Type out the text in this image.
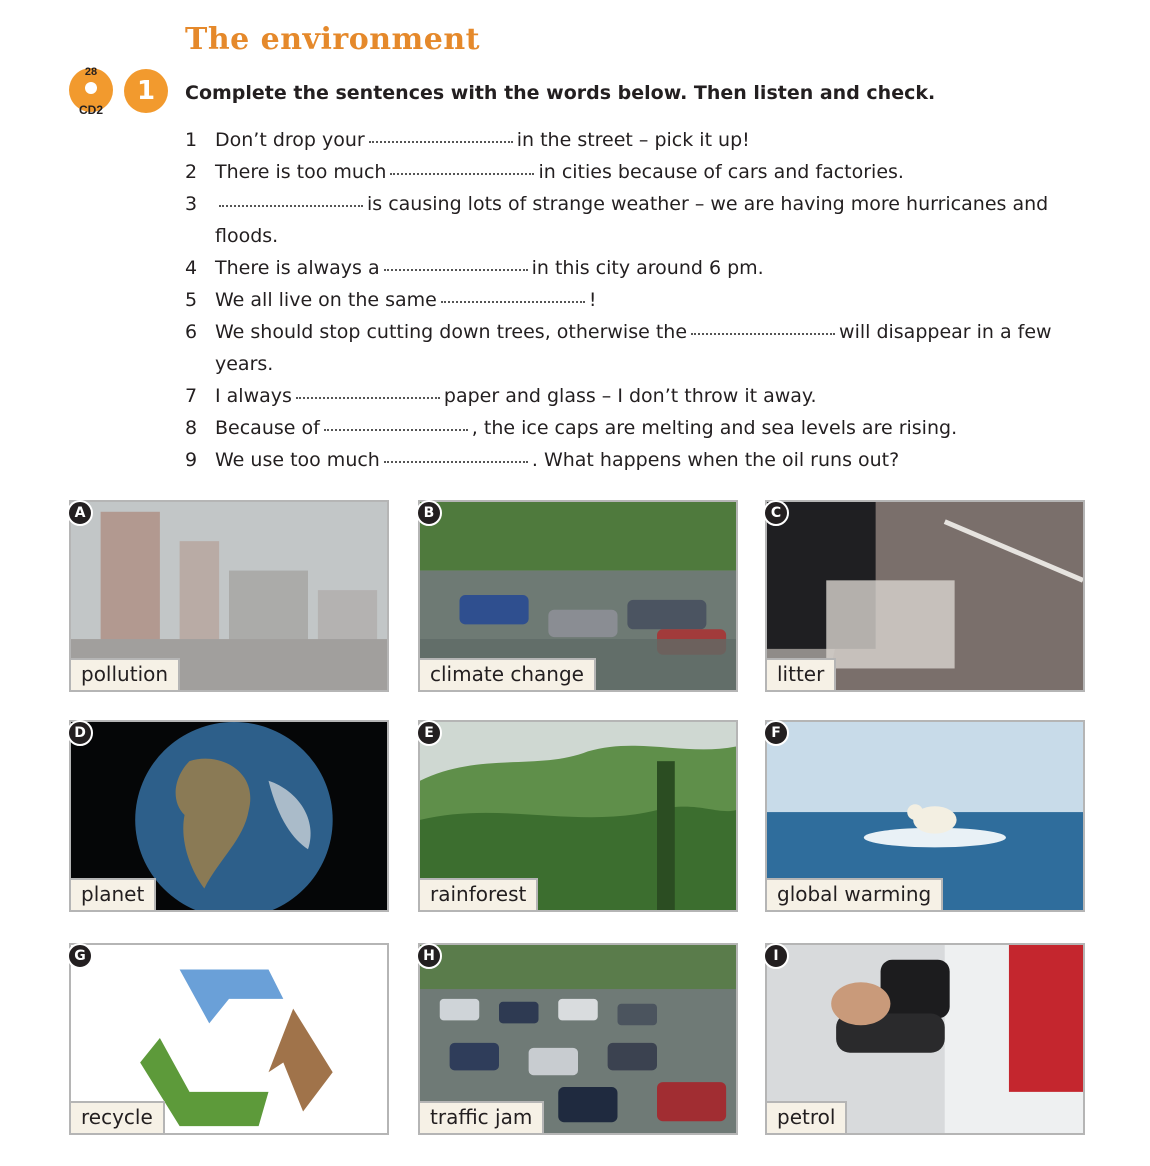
The environment
28
CD2
1	Complete the sentences with the words below. Then listen and check.
1 Don’t drop your	in the street – pick it up!
2 There is too much	in cities because of cars and factories.
3	is causing lots of strange weather – we are having more hurricanes and floods.
4 There is always a	in this city around 6 pm.
5 We all live on the same	!
6 We should stop cutting down trees, otherwise the	will disappear in a few years.
7 I always	paper and glass – I don’t throw it away.
8 Because of	, the ice caps are melting and sea levels are rising.
9 We use too much	. What happens when the oil runs out?
A
pollution
B
climate change
C
litter
D
planet
E
rainforest
F
global warming
G
recycle
H
traffic jam
I
petrol
